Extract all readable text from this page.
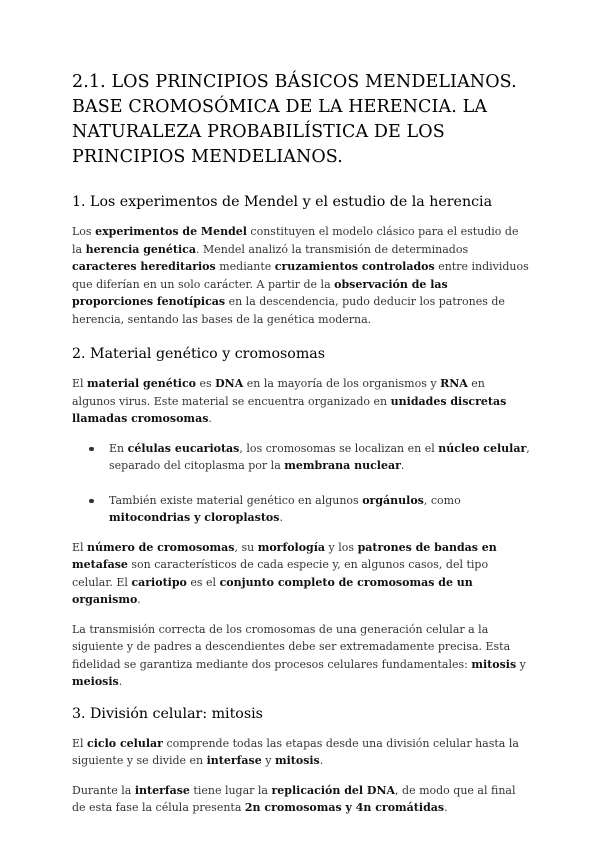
2.1. LOS PRINCIPIOS BÁSICOS MENDELIANOS. BASE CROMOSÓMICA DE LA HERENCIA. LA NATURALEZA PROBABILÍSTICA DE LOS PRINCIPIOS MENDELIANOS.
1. Los experimentos de Mendel y el estudio de la herencia

Los experimentos de Mendel constituyen el modelo clásico para el estudio de la herencia genética. Mendel analizó la transmisión de determinados caracteres hereditarios mediante cruzamientos controlados entre individuos que diferían en un solo carácter. A partir de la observación de las proporciones fenotípicas en la descendencia, pudo deducir los patrones de herencia, sentando las bases de la genética moderna.

2. Material genético y cromosomas

El material genético es DNA en la mayoría de los organismos y RNA en algunos virus. Este material se encuentra organizado en unidades discretas llamadas cromosomas.

En células eucariotas, los cromosomas se localizan en el núcleo celular, separado del citoplasma por la membrana nuclear.
También existe material genético en algunos orgánulos, como mitocondrias y cloroplastos.

El número de cromosomas, su morfología y los patrones de bandas en metafase son característicos de cada especie y, en algunos casos, del tipo celular. El cariotipo es el conjunto completo de cromosomas de un organismo.

La transmisión correcta de los cromosomas de una generación celular a la siguiente y de padres a descendientes debe ser extremadamente precisa. Esta fidelidad se garantiza mediante dos procesos celulares fundamentales: mitosis y meiosis.

3. División celular: mitosis

El ciclo celular comprende todas las etapas desde una división celular hasta la siguiente y se divide en interfase y mitosis.

Durante la interfase tiene lugar la replicación del DNA, de modo que al final de esta fase la célula presenta 2n cromosomas y 4n cromátidas.
